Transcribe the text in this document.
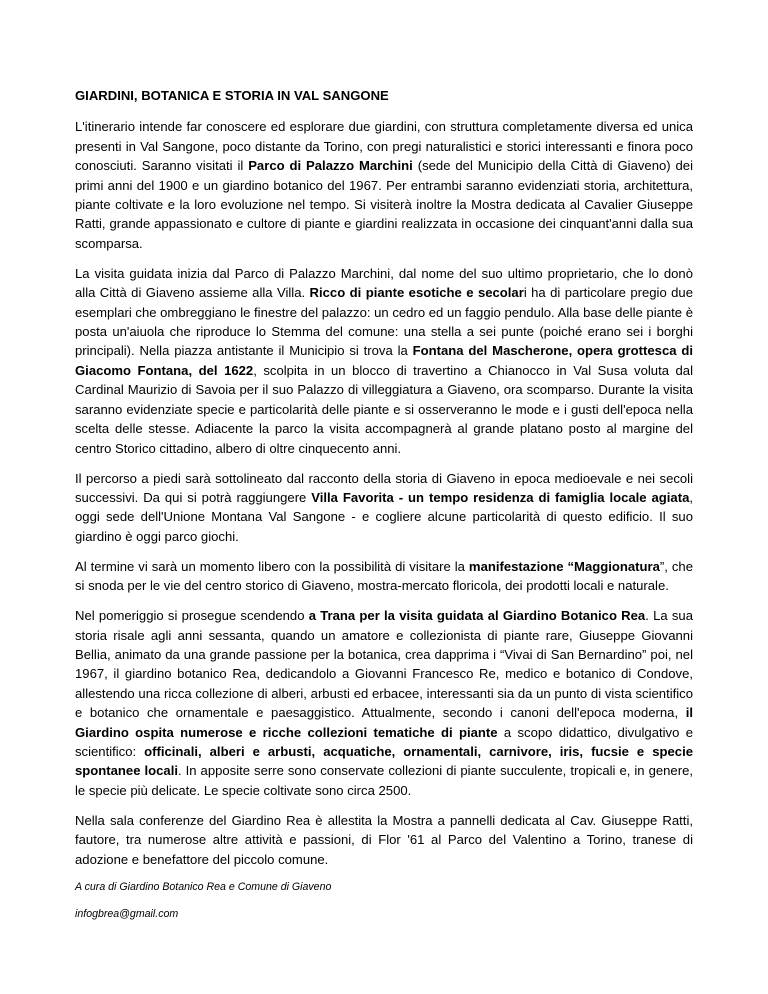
GIARDINI, BOTANICA E STORIA IN VAL SANGONE

L'itinerario intende far conoscere ed esplorare due giardini, con struttura completamente diversa ed unica presenti in Val Sangone, poco distante da Torino, con pregi naturalistici e storici interessanti e finora poco conosciuti. Saranno visitati il Parco di Palazzo Marchini (sede del Municipio della Città di Giaveno) dei primi anni del 1900 e un giardino botanico del 1967. Per entrambi saranno evidenziati storia, architettura, piante coltivate e la loro evoluzione nel tempo. Si visiterà inoltre la Mostra dedicata al Cavalier Giuseppe Ratti, grande appassionato e cultore di piante e giardini realizzata in occasione dei cinquant'anni dalla sua scomparsa.

La visita guidata inizia dal Parco di Palazzo Marchini, dal nome del suo ultimo proprietario, che lo donò alla Città di Giaveno assieme alla Villa. Ricco di piante esotiche e secolari ha di particolare pregio due esemplari che ombreggiano le finestre del palazzo: un cedro ed un faggio pendulo. Alla base delle piante è posta un'aiuola che riproduce lo Stemma del comune: una stella a sei punte (poiché erano sei i borghi principali). Nella piazza antistante il Municipio si trova la Fontana del Mascherone, opera grottesca di Giacomo Fontana, del 1622, scolpita in un blocco di travertino a Chianocco in Val Susa voluta dal Cardinal Maurizio di Savoia per il suo Palazzo di villeggiatura a Giaveno, ora scomparso. Durante la visita saranno evidenziate specie e particolarità delle piante e si osserveranno le mode e i gusti dell'epoca nella scelta delle stesse. Adiacente la parco la visita accompagnerà al grande platano posto al margine del centro Storico cittadino, albero di oltre cinquecento anni.

Il percorso a piedi sarà sottolineato dal racconto della storia di Giaveno in epoca medioevale e nei secoli successivi. Da qui si potrà raggiungere Villa Favorita - un tempo residenza di famiglia locale agiata, oggi sede dell'Unione Montana Val Sangone - e cogliere alcune particolarità di questo edificio. Il suo giardino è oggi parco giochi.

Al termine vi sarà un momento libero con la possibilità di visitare la manifestazione “Maggionatura”, che si snoda per le vie del centro storico di Giaveno, mostra-mercato floricola, dei prodotti locali e naturale.

Nel pomeriggio si prosegue scendendo a Trana per la visita guidata al Giardino Botanico Rea. La sua storia risale agli anni sessanta, quando un amatore e collezionista di piante rare, Giuseppe Giovanni Bellia, animato da una grande passione per la botanica, crea dapprima i “Vivai di San Bernardino” poi, nel 1967, il giardino botanico Rea, dedicandolo a Giovanni Francesco Re, medico e botanico di Condove, allestendo una ricca collezione di alberi, arbusti ed erbacee, interessanti sia da un punto di vista scientifico e botanico che ornamentale e paesaggistico. Attualmente, secondo i canoni dell'epoca moderna, il Giardino ospita numerose e ricche collezioni tematiche di piante a scopo didattico, divulgativo e scientifico: officinali, alberi e arbusti, acquatiche, ornamentali, carnivore, iris, fucsie e specie spontanee locali. In apposite serre sono conservate collezioni di piante succulente, tropicali e, in genere, le specie più delicate. Le specie coltivate sono circa 2500.

Nella sala conferenze del Giardino Rea è allestita la Mostra a pannelli dedicata al Cav. Giuseppe Ratti, fautore, tra numerose altre attività e passioni, di Flor '61 al Parco del Valentino a Torino, tranese di adozione e benefattore del piccolo comune.

A cura di Giardino Botanico Rea e Comune di Giaveno
infogbrea@gmail.com
